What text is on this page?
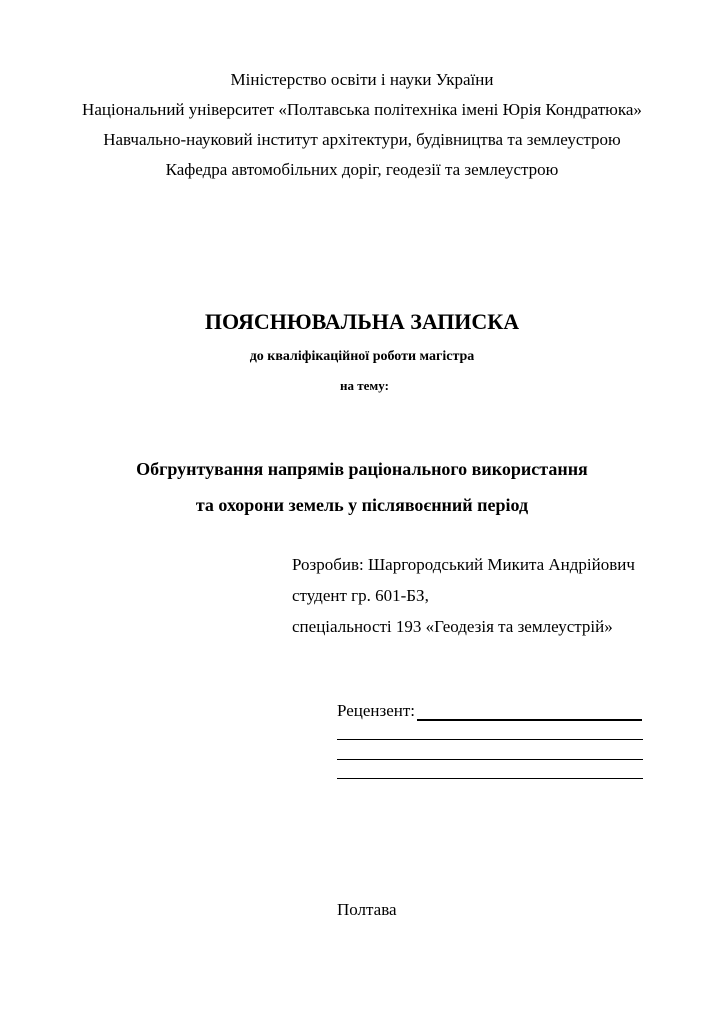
Міністерство освіти і науки України
Національний університет «Полтавська політехніка імені Юрія Кондратюка»
Навчально-науковий інститут архітектури, будівництва та землеустрою
Кафедра автомобільних доріг, геодезії та землеустрою
ПОЯСНЮВАЛЬНА ЗАПИСКА
до кваліфікаційної роботи магістра
на тему:
Обгрунтування напрямів раціонального використання
та охорони земель у післявоєнний період
Розробив: Шаргородський Микита Андрійович
студент гр. 601-БЗ,
спеціальності 193 «Геодезія та землеустрій»
Рецензент:
Полтава
